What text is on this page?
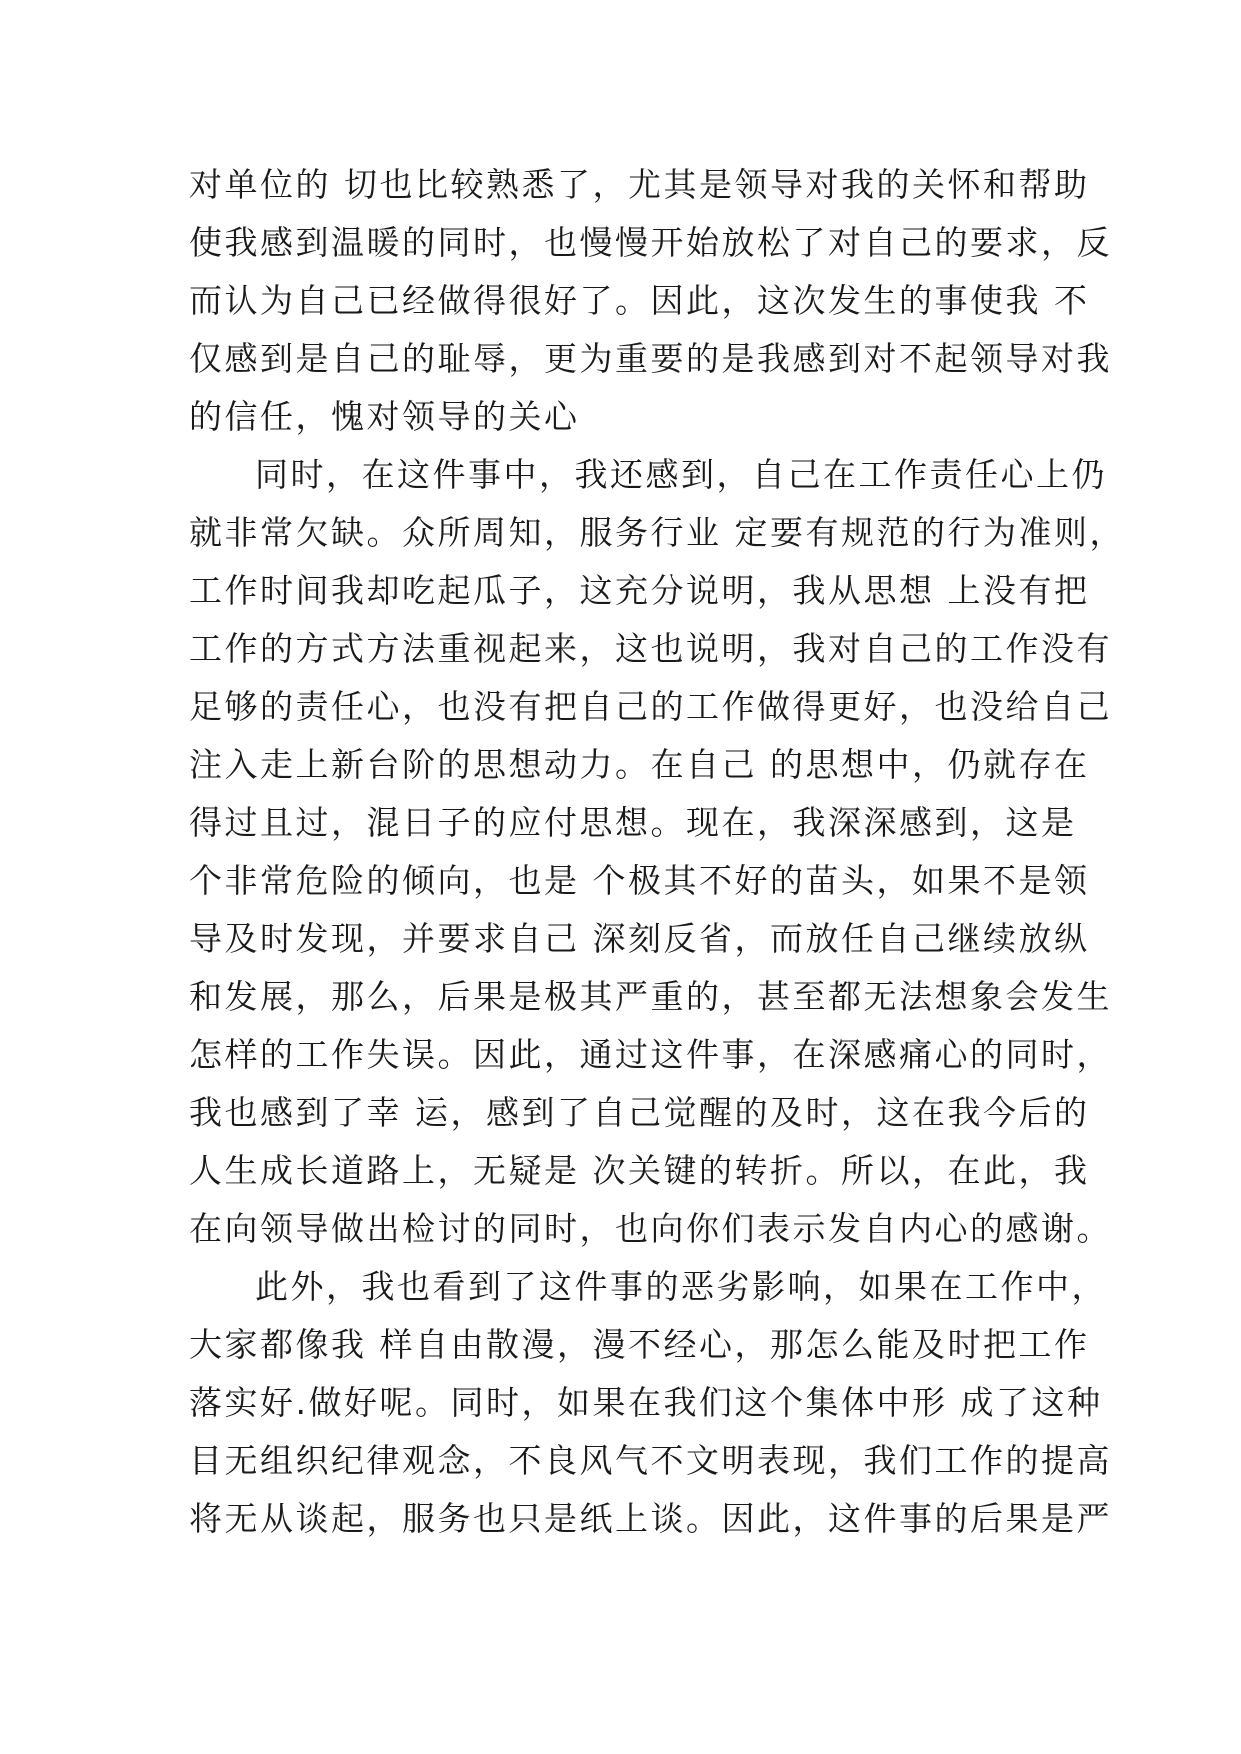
对单位的 切也比较熟悉了，尤其是领导对我的关怀和帮助
使我感到温暖的同时，也慢慢开始放松了对自己的要求，反
而认为自己已经做得很好了。因此，这次发生的事使我 不
仅感到是自己的耻辱，更为重要的是我感到对不起领导对我
的信任，愧对领导的关心
同时，在这件事中，我还感到，自己在工作责任心上仍
就非常欠缺。众所周知，服务行业 定要有规范的行为准则，
工作时间我却吃起瓜子，这充分说明，我从思想 上没有把
工作的方式方法重视起来，这也说明，我对自己的工作没有
足够的责任心，也没有把自己的工作做得更好，也没给自己
注入走上新台阶的思想动力。在自己 的思想中，仍就存在
得过且过，混日子的应付思想。现在，我深深感到，这是
个非常危险的倾向，也是 个极其不好的苗头，如果不是领
导及时发现，并要求自己 深刻反省，而放任自己继续放纵
和发展，那么，后果是极其严重的，甚至都无法想象会发生
怎样的工作失误。因此，通过这件事，在深感痛心的同时，
我也感到了幸 运，感到了自己觉醒的及时，这在我今后的
人生成长道路上，无疑是 次关键的转折。所以，在此，我
在向领导做出检讨的同时，也向你们表示发自内心的感谢。
此外，我也看到了这件事的恶劣影响，如果在工作中，
大家都像我 样自由散漫，漫不经心，那怎么能及时把工作
落实好.做好呢。同时，如果在我们这个集体中形 成了这种
目无组织纪律观念，不良风气不文明表现，我们工作的提高
将无从谈起，服务也只是纸上谈。因此，这件事的后果是严
